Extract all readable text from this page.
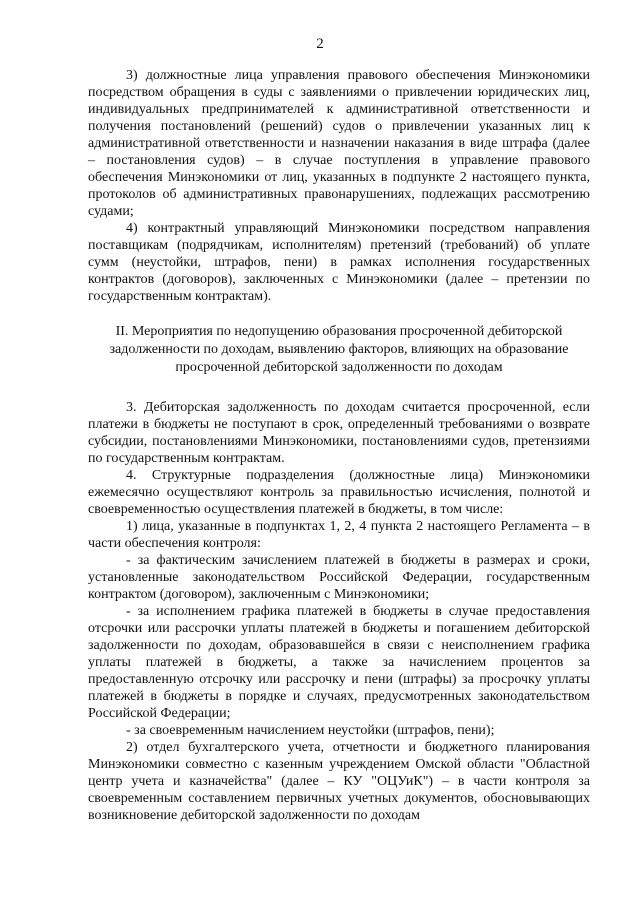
2

3) должностные лица управления правового обеспечения Минэкономики посредством обращения в суды с заявлениями о привлечении юридических лиц, индивидуальных предпринимателей к административной ответственности и получения постановлений (решений) судов о привлечении указанных лиц к административной ответственности и назначении наказания в виде штрафа (далее – постановления судов) – в случае поступления в управление правового обеспечения Минэкономики от лиц, указанных в подпункте 2 настоящего пункта, протоколов об административных правонарушениях, подлежащих рассмотрению судами;

4) контрактный управляющий Минэкономики посредством направления поставщикам (подрядчикам, исполнителям) претензий (требований) об уплате сумм (неустойки, штрафов, пени) в рамках исполнения государственных контрактов (договоров), заключенных с Минэкономики (далее – претензии по государственным контрактам).

II. Мероприятия по недопущению образования просроченной дебиторской задолженности по доходам, выявлению факторов, влияющих на образование просроченной дебиторской задолженности по доходам

3. Дебиторская задолженность по доходам считается просроченной, если платежи в бюджеты не поступают в срок, определенный требованиями о возврате субсидии, постановлениями Минэкономики, постановлениями судов, претензиями по государственным контрактам.

4. Структурные подразделения (должностные лица) Минэкономики ежемесячно осуществляют контроль за правильностью исчисления, полнотой и своевременностью осуществления платежей в бюджеты, в том числе:

1) лица, указанные в подпунктах 1, 2, 4 пункта 2 настоящего Регламента – в части обеспечения контроля:

- за фактическим зачислением платежей в бюджеты в размерах и сроки, установленные законодательством Российской Федерации, государственным контрактом (договором), заключенным с Минэкономики;

- за исполнением графика платежей в бюджеты в случае предоставления отсрочки или рассрочки уплаты платежей в бюджеты и погашением дебиторской задолженности по доходам, образовавшейся в связи с неисполнением графика уплаты платежей в бюджеты, а также за начислением процентов за предоставленную отсрочку или рассрочку и пени (штрафы) за просрочку уплаты платежей в бюджеты в порядке и случаях, предусмотренных законодательством Российской Федерации;

- за своевременным начислением неустойки (штрафов, пени);

2) отдел бухгалтерского учета, отчетности и бюджетного планирования Минэкономики совместно с казенным учреждением Омской области "Областной центр учета и казначейства" (далее – КУ "ОЦУиК") – в части контроля за своевременным составлением первичных учетных документов, обосновывающих возникновение дебиторской задолженности по доходам
